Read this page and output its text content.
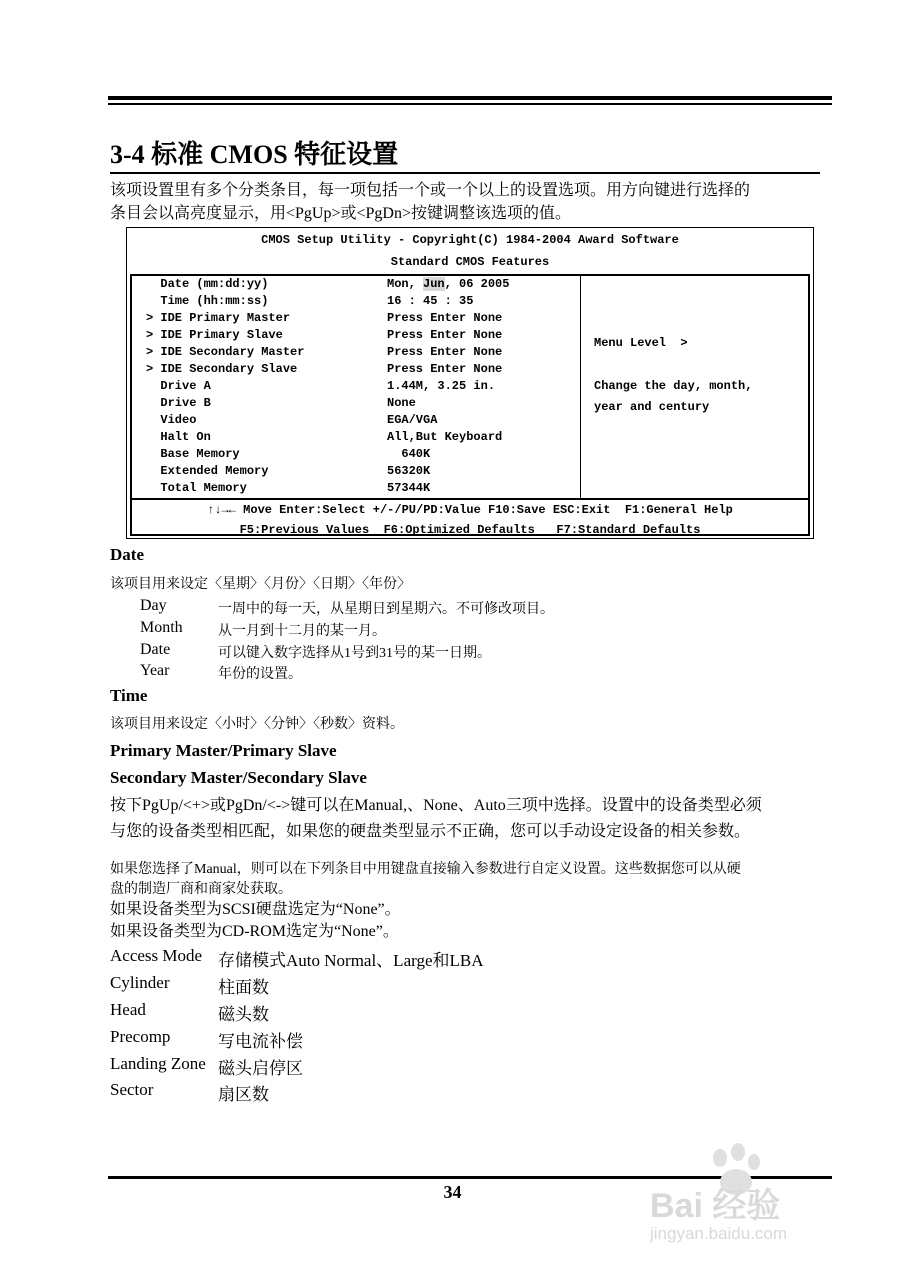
3-4 标准 CMOS 特征设置
该项设置里有多个分类条目，每一项包括一个或一个以上的设置选项。用方向键进行选择的
条目会以高亮度显示，用<PgUp>或<PgDn>按键调整该选项的值。
CMOS Setup Utility - Copyright(C) 1984-2004 Award Software
Standard CMOS Features
Date (mm:dd:yy)	Mon, Jun, 06 2005
Time (hh:mm:ss)	16 : 45 : 35
> IDE Primary Master	Press Enter None
> IDE Primary Slave	Press Enter None
> IDE Secondary Master	Press Enter None
> IDE Secondary Slave	Press Enter None
Drive A	1.44M, 3.25 in.
Drive B	None
Video	EGA/VGA
Halt On	All,But Keyboard
Base Memory	640K
Extended Memory	56320K
Total Memory	57344K
Menu Level  >
Change the day, month,
year and century
↑↓→← Move Enter:Select +/-/PU/PD:Value F10:Save ESC:Exit  F1:General Help
F5:Previous Values  F6:Optimized Defaults   F7:Standard Defaults
Date
该项目用来设定〈星期〉〈月份〉〈日期〉〈年份〉
Day	一周中的每一天，从星期日到星期六。不可修改项目。
Month	从一月到十二月的某一月。
Date	可以键入数字选择从1号到31号的某一日期。
Year	年份的设置。
Time
该项目用来设定〈小时〉〈分钟〉〈秒数〉资料。
Primary Master/Primary Slave
Secondary Master/Secondary Slave
按下PgUp/<+>或PgDn/<->键可以在Manual,、None、Auto三项中选择。设置中的设备类型必须
与您的设备类型相匹配，如果您的硬盘类型显示不正确，您可以手动设定设备的相关参数。
如果您选择了Manual，则可以在下列条目中用键盘直接输入参数进行自定义设置。这些数据您可以从硬
盘的制造厂商和商家处获取。
如果设备类型为SCSI硬盘选定为“None”。
如果设备类型为CD-ROM选定为“None”。
Access Mode 存储模式Auto Normal、Large和LBA
Cylinder	柱面数
Head	磁头数
Precomp	写电流补偿
Landing Zone 磁头启停区
Sector	扇区数
34	Bai 经验
jingyan.baidu.com
